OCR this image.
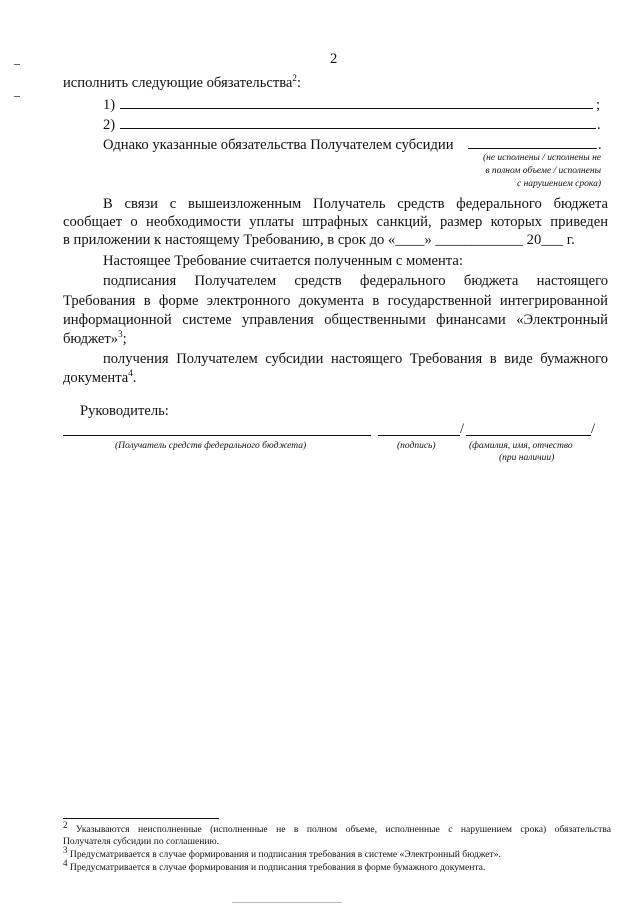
2
исполнить следующие обязательства$^2$:
1)	;
2)	.
Однако указанные обязательства Получателем субсидии	.
(не исполнены / исполнены не
в полном объеме / исполнены
с нарушением срока)
В связи с вышеизложенным Получатель средств федерального бюджета
сообщает о необходимости уплаты штрафных санкций, размер которых приведен
в приложении к настоящему Требованию, в срок до «____» ____________ 20___ г.
Настоящее Требование считается полученным с момента:
подписания Получателем средств федерального бюджета настоящего
Требования в форме электронного документа в государственной интегрированной
информационной системе управления общественными финансами «Электронный
бюджет»$^3$;
получения Получателем субсидии настоящего Требования в виде бумажного
документа$^4$.
Руководитель:
/	/
(Получатель средств федерального бюджета)	(подпись)	(фамилия, имя, отчество
(при наличии)
$^2$ Указываются неисполненные (исполненные не в полном объеме, исполненные с нарушением срока) обязательства
Получателя субсидии по соглашению.
$^3$ Предусматривается в случае формирования и подписания требования в системе «Электронный бюджет».
$^4$ Предусматривается в случае формирования и подписания требования в форме бумажного документа.
